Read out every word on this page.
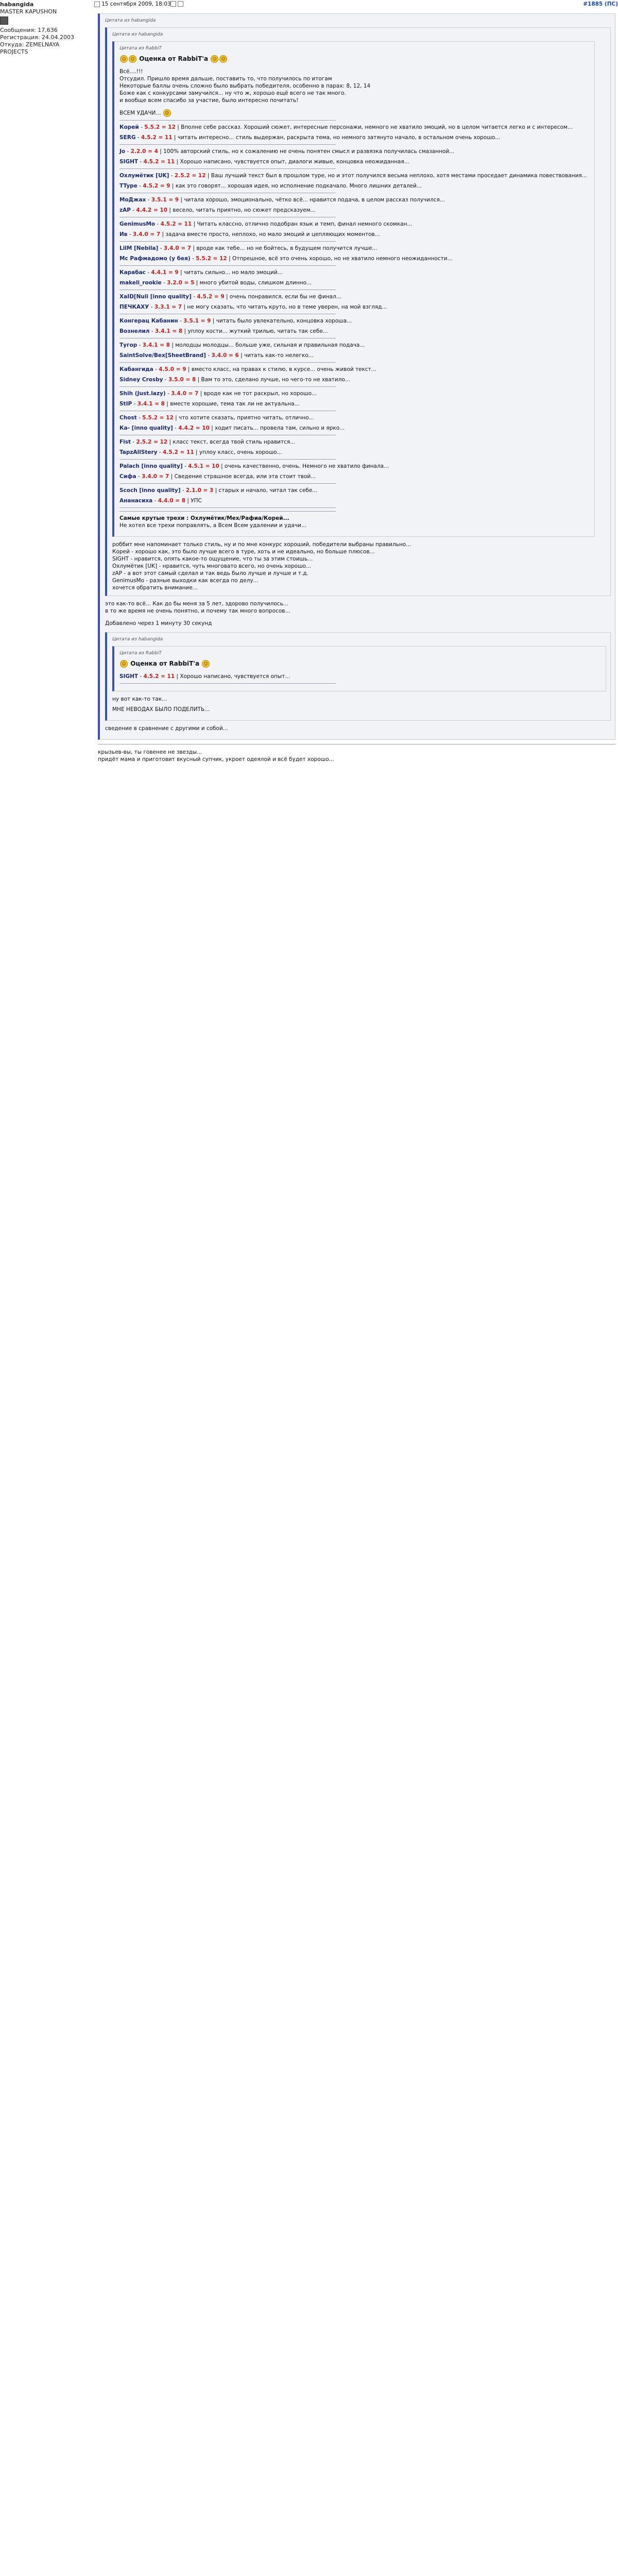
habangida
MASTER KAPUSHON
Сообщения: 17,636
Регистрация: 24.04.2003
Откуда: ZEMELNAYA
PROJECTS
15 сентября 2009, 18:03	#1885 (ПС)
Цитата из habangida
Цитата из habangida
Цитата из RabbiT
☺ ☺ Оценка от RabbiT'а ☺ ☺
Всё....!!!
Отсудил. Пришло время дальше, поставить то, что получилось по итогам
Некоторые баллы очень сложно было выбрать победителя, особенно в парах: 8, 12, 14
Боже как с конкурсами замучился... ну что ж, хорошо ещё всего не так много.
и вообще всем спасибо за участие, было интересно почитать!
ВСЕМ УДАЧИ... 😉
Корей - 5.5.2 = 12 | Вполне себе рассказ. Хороший сюжет, интересные персонажи, немного не хватило эмоций, но в целом читается легко и с интересом...
SERG - 4.5.2 = 11 | читать интересно... стиль выдержан, раскрыта тема, но немного затянуто начало, в остальном очень хорошо...
Jo - 2.2.0 = 4 | 100% авторский стиль, но к сожалению не очень понятен смысл и развязка получилась смазанной...
SIGHT - 4.5.2 = 11 | Хорошо написано, чувствуется опыт, диалоги живые, концовка неожиданная...
Охлумётик [UK] - 2.5.2 = 12 | Ваш лучший текст был в прошлом туре, но и этот получился весьма неплохо, хотя местами проседает динамика повествования...
TType - 4.5.2 = 9 | как это говорят... хорошая идея, но исполнение подкачало. Много лишних деталей...
МоДжах - 3.5.1 = 9 | читала хорошо, эмоционально, чётко всё... нравится подача, в целом рассказ получился...
zAP - 4.4.2 = 10 | весело, читать приятно, но сюжет предсказуем...
GenimusMo - 4.5.2 = 11 | Читать классно, отлично подобран язык и темп, финал немного скомкан...
Ив - 3.4.0 = 7 | задача вместе просто, неплохо, но мало эмоций и цепляющих моментов...
LilM [Nebila] - 3.4.0 = 7 | вроде как тебе... но не бойтесь, в будущем получится лучше...
Мс Рафмадомо (у бея) - 5.5.2 = 12 | Отпрешное, всё это очень хорошо, но не хватило немного неожиданности...
Карабас - 4.4.1 = 9 | читать сильно... но мало эмоций...
makeli_rookie - 3.2.0 = 5 | много убитой воды, слишком длинно...
XaID[Nuli [inno quality] - 4.5.2 = 9 | очень понравился, если бы не финал...
ПЕЧКАХУ - 3.3.1 = 7 | не могу сказать, что читать круто, но в теме уверен, на мой взгляд...
Конгерац Кабанин - 3.5.1 = 9 | читать было увлекательно, концовка хороша...
Вознелил - 3.4.1 = 8 | уплоу кости... жуткий трилью, читать так себе...
Тугор - 3.4.1 = 8 | молодцы молодцы... больше уже, сильная и правильная подача...
SaintSolve/Bex[SheetBrand] - 3.4.0 = 6 | читать как-то нелегко...
Кабангида - 4.5.0 = 9 | вместо класс, на правах к стилю, в курсе... очень живой текст...
Sidney Crosby - 3.5.0 = 8 | Вам то это, сделано лучше, но чего-то не хватило...
Shih (Just.lazy) - 3.4.0 = 7 | вроде как не тот раскрыл, но хорошо...
StIP - 3.4.1 = 8 | вместе хорошие, тема так ли не актуальна...
Chost - 5.5.2 = 12 | что хотите сказать, приятно читать, отлично...
Ка- [inno quality] - 4.4.2 = 10 | ходит писать... провела там, сильно и ярко...
Fist - 2.5.2 = 12 | класс текст, всегда твой стиль нравится...
TapzAllStery - 4.5.2 = 11 | уплоу класс, очень хорошо...
Palach [inno quality] - 4.5.1 = 10 | очень качественно, очень. Немного не хватило финала...
Сифа - 3.4.0 = 7 | Сведение страшное всегда, или эта стоит твой...
Scoch [inno quality] - 2.1.0 = 3 | старых и начало, читал так себе...
Ананасиха - 4.4.0 = 8 | УПС
Самые крутые трехи : Охлумётик/Mex/Рафиа/Корей...
Не хотел все трехи поправлять, а Всем Всем удалении и удачи...
роббит мне напоминает только стиль, ну и по мне конкурс хороший, победители выбраны правильно...
Корей - хорошо как, это было лучше всего в туре, хоть и не идеально, но больше плюсов...
SIGHT - нравится, опять какое-то ощущение, что ты за этим стоишь...
Охлумётик [UK] - нравится, чуть многовато всего, но очень хорошо...
zAP - а вот этот самый сделал и так ведь было лучше и лучше и т.д.
GenimusMo - разные выходки как всегда по делу...
хочется обратить внимание...
это как-то всё... Как до бы меня за 5 лет, здорово получилось...
в то же время не очень понятно, и почему так много вопросов...
Добавлено через 1 минуту 30 секунд
Цитата из habangida
Цитата из RabbiT
☺ Оценка от RabbiT'а ☺
SIGHT - 4.5.2 = 11 | Хорошо написано, чувствуется опыт...
ну вот как-то так...
МНЕ НЕВОДАХ БЫЛО ПОДЕЛИТЬ...
сведение в сравнение с другими и собой...
крызьев-вы, ты говенее не звезды...
придёт мама и приготовит вкусный супчик, укроет одеялой и всё будет хорошо...
